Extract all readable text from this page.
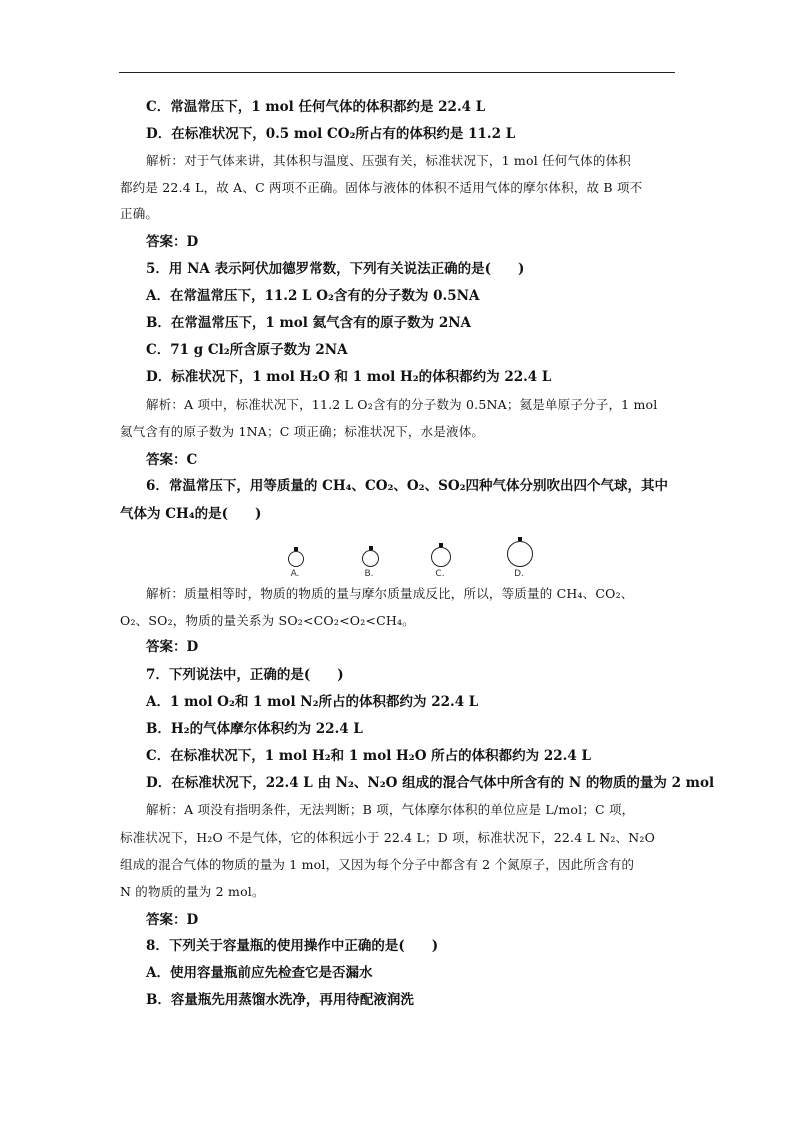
C．常温常压下，1 mol 任何气体的体积都约是 22.4 L
D．在标准状况下，0.5 mol CO₂所占有的体积约是 11.2 L
解析：对于气体来讲，其体积与温度、压强有关，标准状况下，1 mol 任何气体的体积
都约是 22.4 L，故 A、C 两项不正确。固体与液体的体积不适用气体的摩尔体积，故 B 项不
正确。
答案：D
5．用 NA 表示阿伏加德罗常数，下列有关说法正确的是(　　)
A．在常温常压下，11.2 L O₂含有的分子数为 0.5NA
B．在常温常压下，1 mol 氦气含有的原子数为 2NA
C．71 g Cl₂所含原子数为 2NA
D．标准状况下，1 mol H₂O 和 1 mol H₂的体积都约为 22.4 L
解析：A 项中，标准状况下，11.2 L O₂含有的分子数为 0.5NA；氦是单原子分子，1 mol
氦气含有的原子数为 1NA；C 项正确；标准状况下，水是液体。
答案：C
6．常温常压下，用等质量的 CH₄、CO₂、O₂、SO₂四种气体分别吹出四个气球，其中
气体为 CH₄的是(　　)
A.	B.	C.	D.
解析：质量相等时，物质的物质的量与摩尔质量成反比，所以，等质量的 CH₄、CO₂、
O₂、SO₂，物质的量关系为 SO₂<CO₂<O₂<CH₄。
答案：D
7．下列说法中，正确的是(　　)
A．1 mol O₂和 1 mol N₂所占的体积都约为 22.4 L
B．H₂的气体摩尔体积约为 22.4 L
C．在标准状况下，1 mol H₂和 1 mol H₂O 所占的体积都约为 22.4 L
D．在标准状况下，22.4 L 由 N₂、N₂O 组成的混合气体中所含有的 N 的物质的量为 2 mol
解析：A 项没有指明条件，无法判断；B 项，气体摩尔体积的单位应是 L/mol；C 项，
标准状况下，H₂O 不是气体，它的体积远小于 22.4 L；D 项，标准状况下，22.4 L N₂、N₂O
组成的混合气体的物质的量为 1 mol，又因为每个分子中都含有 2 个氮原子，因此所含有的
N 的物质的量为 2 mol。
答案：D
8．下列关于容量瓶的使用操作中正确的是(　　)
A．使用容量瓶前应先检查它是否漏水
B．容量瓶先用蒸馏水洗净，再用待配液润洗
